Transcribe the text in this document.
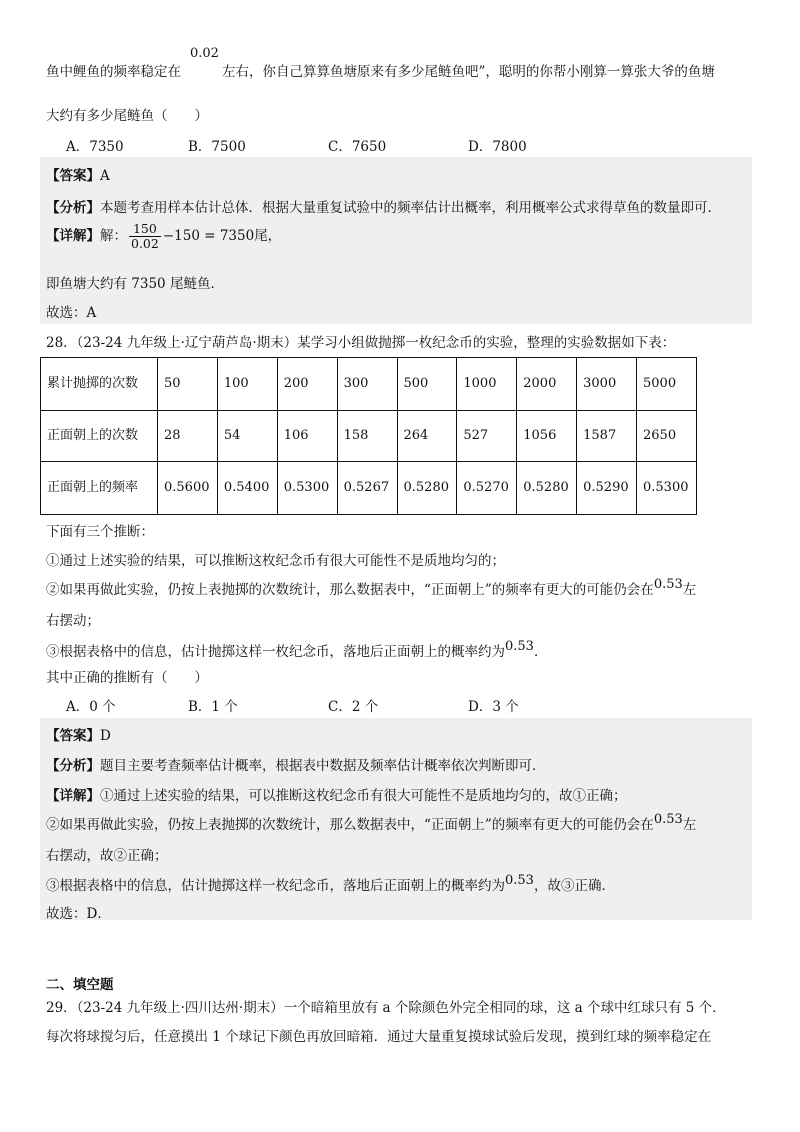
鱼中鲤鱼的频率稳定在
0.02
左右，你自己算算鱼塘原来有多少尾鲢鱼吧”，聪明的你帮小刚算一算张大爷的鱼塘
大约有多少尾鲢鱼（　　）
A．7350	B．7500	C．7650	D．7800
【答案】A
【分析】本题考查用样本估计总体．根据大量重复试验中的频率估计出概率，利用概率公式求得草鱼的数量即可．
【详解】解： $\frac{150}{0.02} -150 = 7350$尾，
即鱼塘大约有 7350 尾鲢鱼．
故选：A
28．（23-24 九年级上·辽宁葫芦岛·期末）某学习小组做抛掷一枚纪念币的实验，整理的实验数据如下表：
累计抛掷的次数	50	100	200	300	500	1000	2000	3000	5000
正面朝上的次数	28	54	106	158	264	527	1056	1587	2650
正面朝上的频率	0.5600	0.5400	0.5300	0.5267	0.5280	0.5270	0.5280	0.5290	0.5300
下面有三个推断：
①通过上述实验的结果，可以推断这枚纪念币有很大可能性不是质地均匀的；
②如果再做此实验，仍按上表抛掷的次数统计，那么数据表中，“正面朝上”的频率有更大的可能仍会在0.53左
右摆动；
③根据表格中的信息，估计抛掷这样一枚纪念币，落地后正面朝上的概率约为0.53．
其中正确的推断有（　　）
A．0 个	B．1 个	C．2 个	D．3 个
【答案】D
【分析】题目主要考查频率估计概率，根据表中数据及频率估计概率依次判断即可．
【详解】①通过上述实验的结果，可以推断这枚纪念币有很大可能性不是质地均匀的，故①正确；
②如果再做此实验，仍按上表抛掷的次数统计，那么数据表中，“正面朝上”的频率有更大的可能仍会在0.53左
右摆动，故②正确；
③根据表格中的信息，估计抛掷这样一枚纪念币，落地后正面朝上的概率约为0.53，故③正确．
故选：D．
二、填空题
29．（23-24 九年级上·四川达州·期末）一个暗箱里放有 a 个除颜色外完全相同的球，这 a 个球中红球只有 5 个．
每次将球搅匀后，任意摸出 1 个球记下颜色再放回暗箱．通过大量重复摸球试验后发现，摸到红球的频率稳定在
